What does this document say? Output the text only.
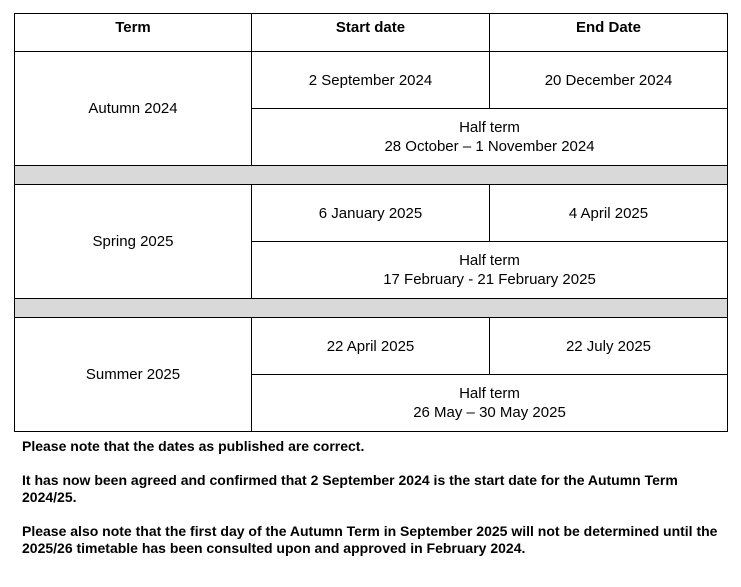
Term	Start date	End Date
Autumn 2024	2 September 2024	20 December 2024

	Half term
28 October – 1 November 2024	

Spring 2025	6 January 2025	4 April 2025

	Half term
17 February - 21 February 2025	

Summer 2025	22 April 2025	22 July 2025

	Half term
26 May – 30 May 2025	

Please note that the dates as published are correct.

It has now been agreed and confirmed that 2 September 2024 is the start date for the Autumn Term 2024/25.

Please also note that the first day of the Autumn Term in September 2025 will not be determined until the 2025/26 timetable has been consulted upon and approved in February 2024.
